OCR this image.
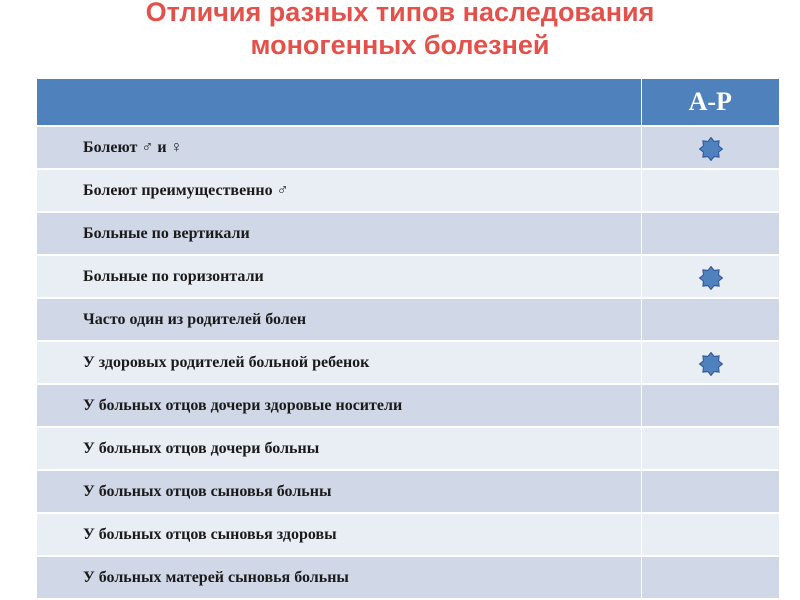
Отличия разных типов наследования
моногенных болезней
	А-Р
Болеют ♂ и ♀	

Болеют преимущественно ♂	
Больные по вертикали	
Больные по горизонтали	

Часто один из родителей болен	
У здоровых родителей больной ребенок	

У больных отцов дочери здоровые носители	
У больных отцов дочери больны	
У больных отцов сыновья больны	
У больных отцов сыновья здоровы	
У больных матерей сыновья больны	
